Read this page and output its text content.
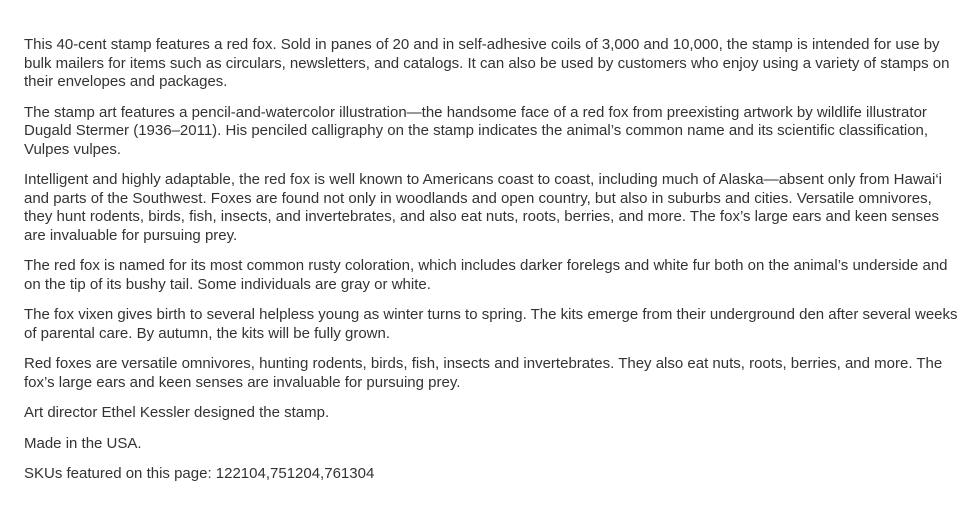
This 40-cent stamp features a red fox. Sold in panes of 20 and in self-adhesive coils of 3,000 and 10,000, the stamp is intended for use by bulk mailers for items such as circulars, newsletters, and catalogs. It can also be used by customers who enjoy using a variety of stamps on their envelopes and packages.

The stamp art features a pencil-and-watercolor illustration—the handsome face of a red fox from preexisting artwork by wildlife illustrator Dugald Stermer (1936–2011). His penciled calligraphy on the stamp indicates the animal’s common name and its scientific classification, Vulpes vulpes.

Intelligent and highly adaptable, the red fox is well known to Americans coast to coast, including much of Alaska—absent only from Hawai‘i and parts of the Southwest. Foxes are found not only in woodlands and open country, but also in suburbs and cities. Versatile omnivores, they hunt rodents, birds, fish, insects, and invertebrates, and also eat nuts, roots, berries, and more. The fox’s large ears and keen senses are invaluable for pursuing prey.

The red fox is named for its most common rusty coloration, which includes darker forelegs and white fur both on the animal’s underside and on the tip of its bushy tail. Some individuals are gray or white.

The fox vixen gives birth to several helpless young as winter turns to spring. The kits emerge from their underground den after several weeks of parental care. By autumn, the kits will be fully grown.

Red foxes are versatile omnivores, hunting rodents, birds, fish, insects and invertebrates. They also eat nuts, roots, berries, and more. The fox’s large ears and keen senses are invaluable for pursuing prey.

Art director Ethel Kessler designed the stamp.

Made in the USA.

SKUs featured on this page: 122104,751204,761304
